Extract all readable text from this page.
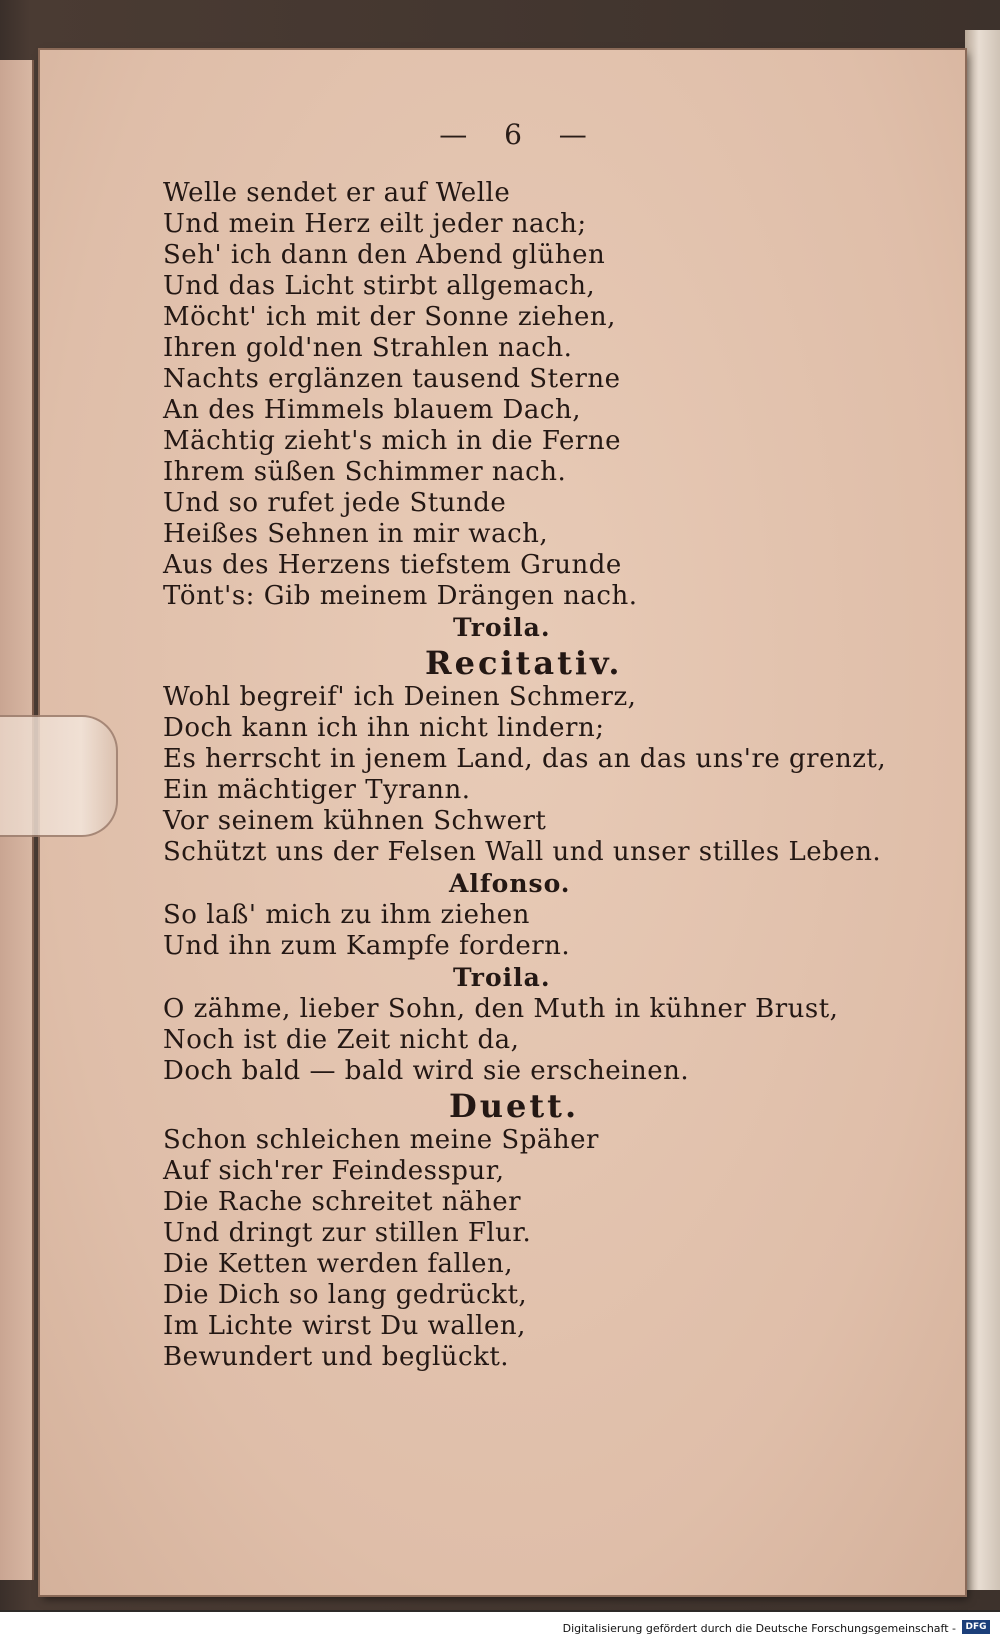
— 6 —
Welle sendet er auf Welle
Und mein Herz eilt jeder nach;
Seh' ich dann den Abend glühen
Und das Licht stirbt allgemach,
Möcht' ich mit der Sonne ziehen,
Ihren gold'nen Strahlen nach.
Nachts erglänzen tausend Sterne
An des Himmels blauem Dach,
Mächtig zieht's mich in die Ferne
Ihrem süßen Schimmer nach.
Und so rufet jede Stunde
Heißes Sehnen in mir wach,
Aus des Herzens tiefstem Grunde
Tönt's: Gib meinem Drängen nach.
Troila.
Recitativ.
Wohl begreif' ich Deinen Schmerz,
Doch kann ich ihn nicht lindern;
Es herrscht in jenem Land, das an das uns're grenzt,
Ein mächtiger Tyrann.
Vor seinem kühnen Schwert
Schützt uns der Felsen Wall und unser stilles Leben.
Alfonso.
So laß' mich zu ihm ziehen
Und ihn zum Kampfe fordern.
Troila.
O zähme, lieber Sohn, den Muth in kühner Brust,
Noch ist die Zeit nicht da,
Doch bald — bald wird sie erscheinen.
Duett.
Schon schleichen meine Späher
Auf sich'rer Feindesspur,
Die Rache schreitet näher
Und dringt zur stillen Flur.
Die Ketten werden fallen,
Die Dich so lang gedrückt,
Im Lichte wirst Du wallen,
Bewundert und beglückt.
Digitalisierung gefördert durch die Deutsche Forschungsgemeinschaft -	DFG
